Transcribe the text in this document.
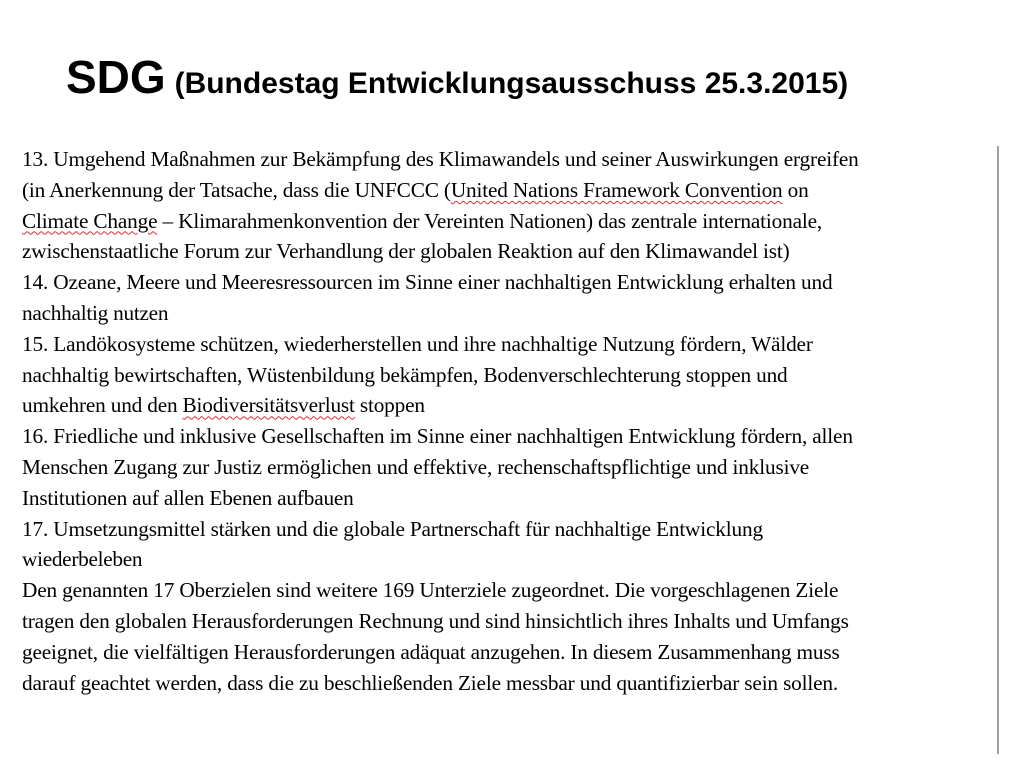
SDG (Bundestag Entwicklungsausschuss 25.3.2015)
13. Umgehend Maßnahmen zur Bekämpfung des Klimawandels und seiner Auswirkungen ergreifen
(in Anerkennung der Tatsache, dass die UNFCCC (United Nations Framework Convention on
Climate Change – Klimarahmenkonvention der Vereinten Nationen) das zentrale internationale,
zwischenstaatliche Forum zur Verhandlung der globalen Reaktion auf den Klimawandel ist)
14. Ozeane, Meere und Meeresressourcen im Sinne einer nachhaltigen Entwicklung erhalten und
nachhaltig nutzen
15. Landökosysteme schützen, wiederherstellen und ihre nachhaltige Nutzung fördern, Wälder
nachhaltig bewirtschaften, Wüstenbildung bekämpfen, Bodenverschlechterung stoppen und
umkehren und den Biodiversitätsverlust stoppen
16. Friedliche und inklusive Gesellschaften im Sinne einer nachhaltigen Entwicklung fördern, allen
Menschen Zugang zur Justiz ermöglichen und effektive, rechenschaftspflichtige und inklusive
Institutionen auf allen Ebenen aufbauen
17. Umsetzungsmittel stärken und die globale Partnerschaft für nachhaltige Entwicklung
wiederbeleben
Den genannten 17 Oberzielen sind weitere 169 Unterziele zugeordnet. Die vorgeschlagenen Ziele
tragen den globalen Herausforderungen Rechnung und sind hinsichtlich ihres Inhalts und Umfangs
geeignet, die vielfältigen Herausforderungen adäquat anzugehen. In diesem Zusammenhang muss
darauf geachtet werden, dass die zu beschließenden Ziele messbar und quantifizierbar sein sollen.
